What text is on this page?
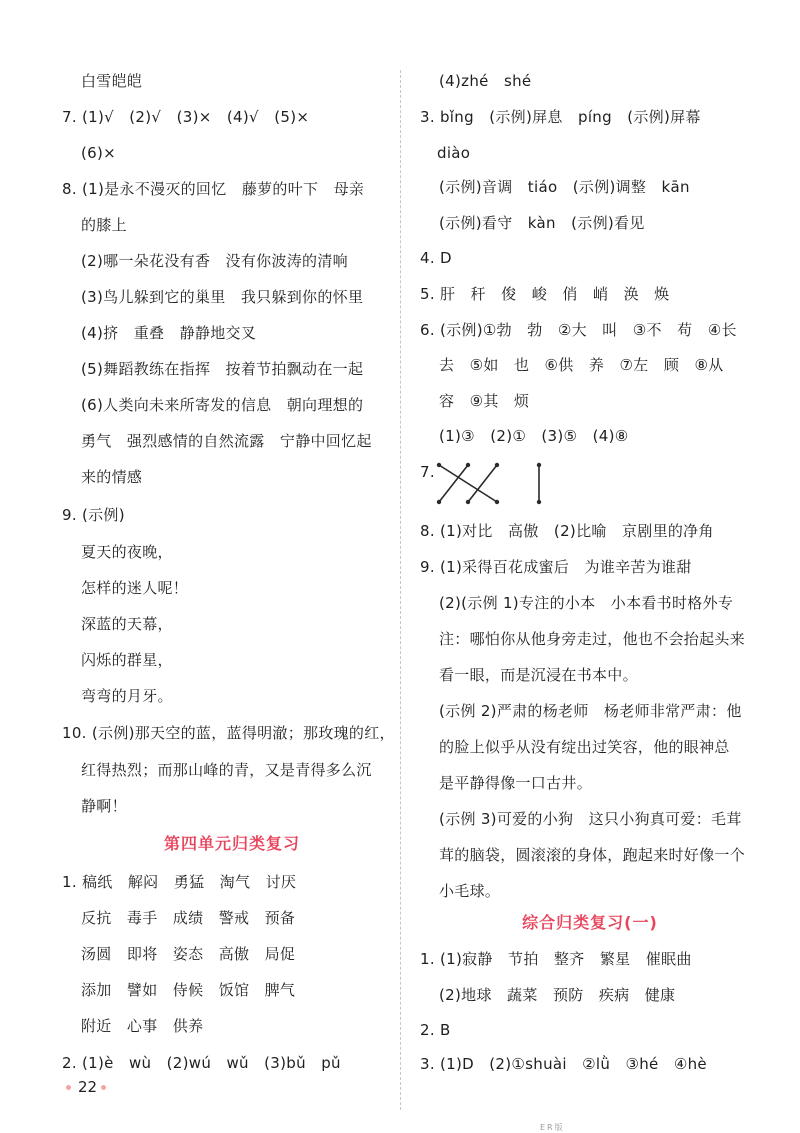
白雪皑皑
7. (1)√　(2)√　(3)×　(4)√　(5)×
(6)×
8. (1)是永不漫灭的回忆　藤萝的叶下　母亲
的膝上
(2)哪一朵花没有香　没有你波涛的清响
(3)鸟儿躲到它的巢里　我只躲到你的怀里
(4)挤　重叠　静静地交叉
(5)舞蹈教练在指挥　按着节拍飘动在一起
(6)人类向未来所寄发的信息　朝向理想的
勇气　强烈感情的自然流露　宁静中回忆起
来的情感
9. (示例)
夏天的夜晚，
怎样的迷人呢！
深蓝的天幕，
闪烁的群星，
弯弯的月牙。
10. (示例)那天空的蓝，蓝得明澈；那玫瑰的红，
红得热烈；而那山峰的青，又是青得多么沉
静啊！
第四单元归类复习
1. 稿纸　解闷　勇猛　淘气　讨厌
反抗　毒手　成绩　警戒　预备
汤圆　即将　姿态　高傲　局促
添加　譬如　侍候　饭馆　脾气
附近　心事　供养
2. (1)è　wù　(2)wú　wǔ　(3)bǔ　pǔ
(4)zhé　shé
3. bǐng　(示例)屏息　píng　(示例)屏幕
diào
(示例)音调　tiáo　(示例)调整　kān
(示例)看守　kàn　(示例)看见
4. D
5. 肝　秆　俊　峻　俏　峭　涣　焕
6. (示例)①勃　勃　②大　叫　③不　苟　④长
去　⑤如　也　⑥供　养　⑦左　顾　⑧从
容　⑨其　烦
(1)③　(2)①　(3)⑤　(4)⑧
7.
8. (1)对比　高傲　(2)比喻　京剧里的净角
9. (1)采得百花成蜜后　为谁辛苦为谁甜
(2)(示例 1)专注的小本　小本看书时格外专
注：哪怕你从他身旁走过，他也不会抬起头来
看一眼，而是沉浸在书本中。
(示例 2)严肃的杨老师　杨老师非常严肃：他
的脸上似乎从没有绽出过笑容，他的眼神总
是平静得像一口古井。
(示例 3)可爱的小狗　这只小狗真可爱：毛茸
茸的脑袋，圆滚滚的身体，跑起来时好像一个
小毛球。
综合归类复习(一)
1. (1)寂静　节拍　整齐　繁星　催眠曲
(2)地球　蔬菜　预防　疾病　健康
2. B
3. (1)D　(2)①shuài　②lǜ　③hé　④hè
22
ER版
